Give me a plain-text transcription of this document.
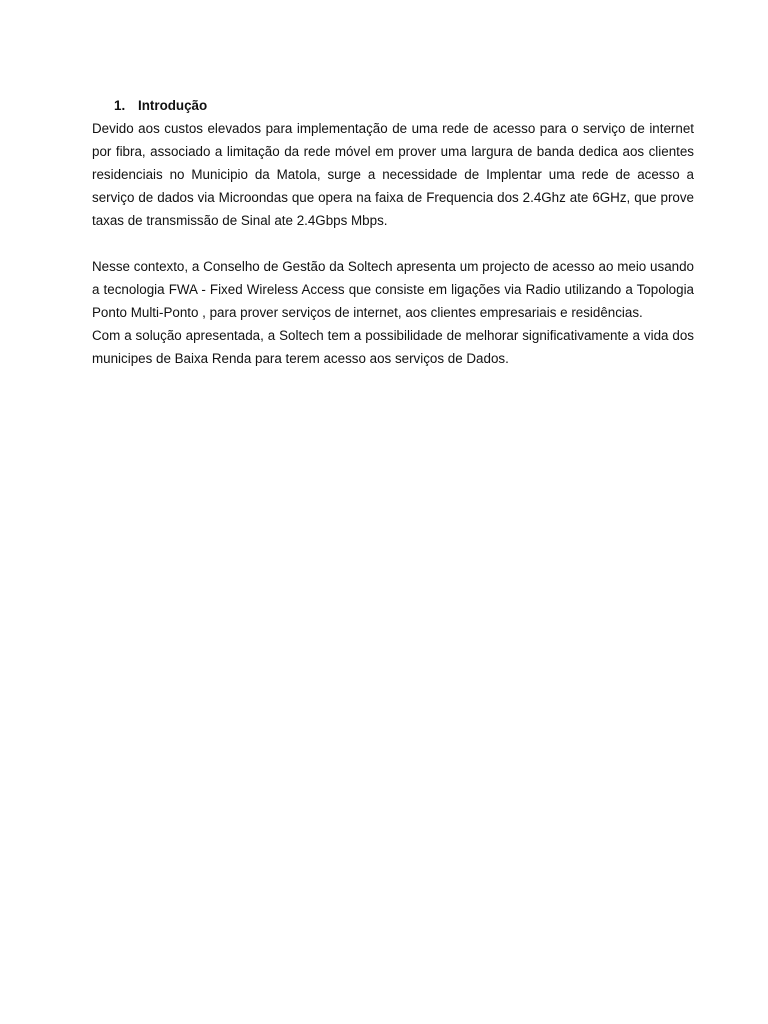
1. Introdução

Devido aos custos elevados para implementação de uma rede de acesso para o serviço de internet por fibra, associado a limitação da rede móvel em prover uma largura de banda dedica aos clientes residenciais no Municipio da Matola, surge a necessidade de Implentar uma rede de acesso a serviço de dados via Microondas que opera na faixa de Frequencia dos 2.4Ghz ate 6GHz, que prove taxas de transmissão de Sinal ate 2.4Gbps Mbps.

Nesse contexto, a Conselho de Gestão da Soltech apresenta um projecto de acesso ao meio usando a tecnologia FWA - Fixed Wireless Access que consiste em ligações via Radio utilizando a Topologia Ponto Multi-Ponto , para prover serviços de internet, aos clientes empresariais e residências.

Com a solução apresentada, a Soltech tem a possibilidade de melhorar significativamente a vida dos municipes de Baixa Renda para terem acesso aos serviços de Dados.
